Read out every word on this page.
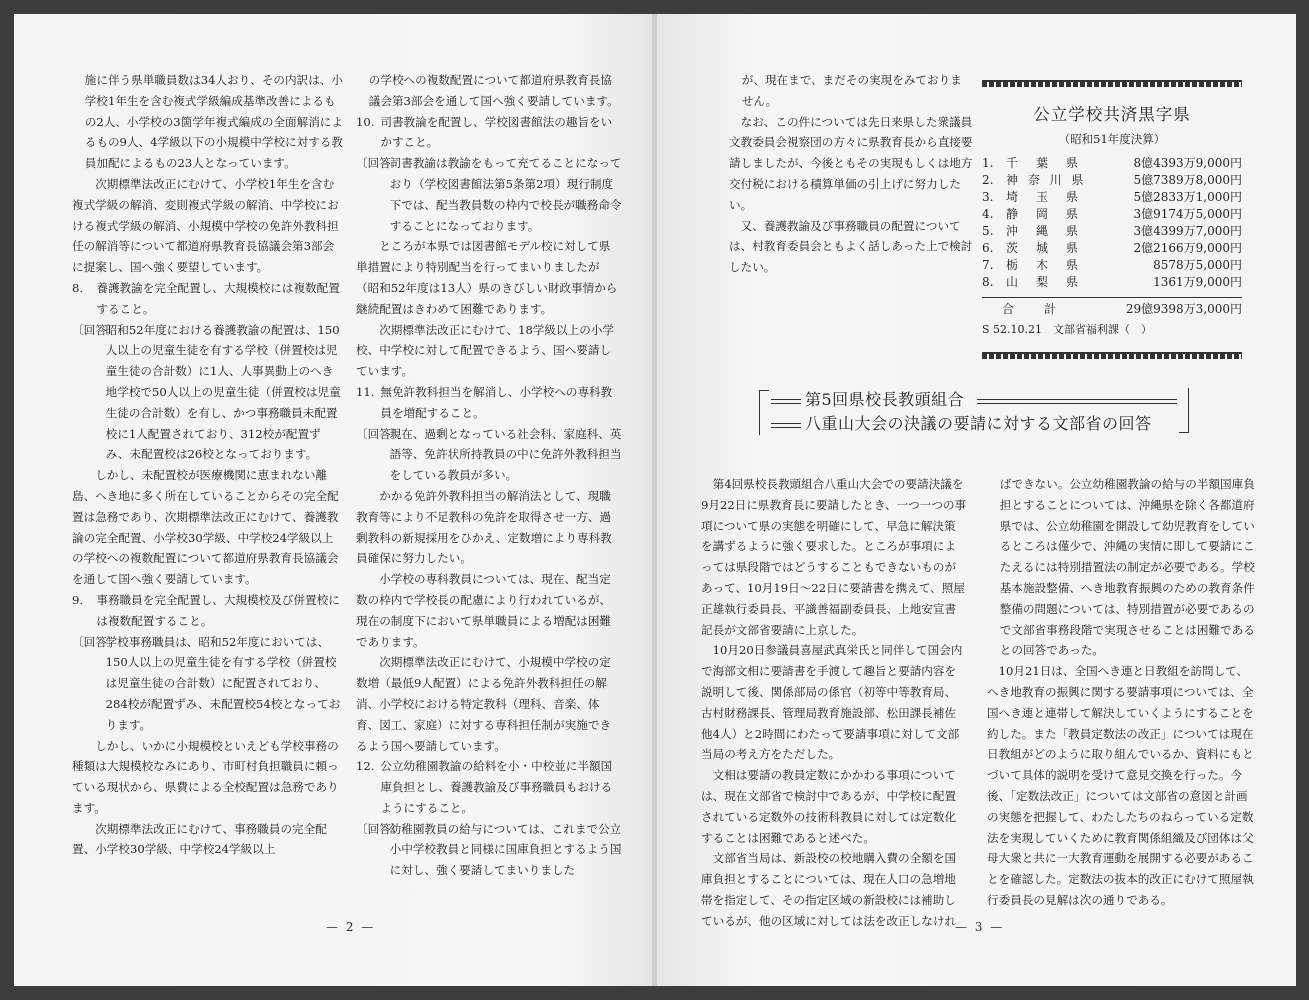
施に伴う県単職員数は34人おり、その内訳は、小学校1年生を含む複式学級編成基準改善によるもの2人、小学校の3箇学年複式編成の全面解消によるもの9人、4学級以下の小規模中学校に対する教員加配によるもの23人となっています。

次期標準法改正にむけて、小学校1年生を含む複式学級の解消、変則複式学級の解消、中学校における複式学級の解消、小規模中学校の免許外教科担任の解消等について都道府県教育長協議会第3部会に提案し、国へ強く要望しています。

8.	養護教諭を完全配置し、大規模校には複数配置すること。
〔回答〕
昭和52年度における養護教諭の配置は、150人以上の児童生徒を有する学校（併置校は児童生徒の合計数）に1人、人事異動上のへき地学校で50人以上の児童生徒（併置校は児童生徒の合計数）を有し、かつ事務職員未配置校に1人配置されており、312校が配置ずみ、未配置校は26校となっております。

しかし、未配置校が医療機関に恵まれない離島、へき地に多く所在していることからその完全配置は急務であり、次期標準法改正にむけて、養護教論の完全配置、小学校30学級、中学校24学級以上の学校への複数配置について都道府県教育長協議会を通して国へ強く要請しています。

9.	事務職員を完全配置し、大規模校及び併置校には複数配置すること。
〔回答〕
学校事務職員は、昭和52年度においては、150人以上の児童生徒を有する学校（併置校は児童生徒の合計数）に配置されており、284校が配置ずみ、未配置校54校となっております。

しかし、いかに小規模校といえども学校事務の種類は大規模校なみにあり、市町村負担職員に頼っている現状から、県費による全校配置は急務であります。

次期標準法改正にむけて、事務職員の完全配置、小学校30学級、中学校24学級以上

の学校への複数配置について都道府県教育長協議会第3部会を通して国へ強く要請しています。

10. 司書教論を配置し、学校図書館法の趣旨をいかすこと。
〔回答〕
司書教諭は教諭をもって充てることになっており（学校図書館法第5条第2項）現行制度下では、配当教員数の枠内で校長が職務命令することになっております。

ところが本県では図書館モデル校に対して県単措置により特別配当を行ってまいりましたが（昭和52年度は13人）県のきびしい財政事情から継続配置はきわめて困難であります。

次期標準法改正にむけて、18学級以上の小学校、中学校に対して配置できるよう、国へ要請しています。

11. 無免許教科担当を解消し、小学校への専科教員を増配すること。
〔回答〕
現在、過剰となっている社会科、家庭科、英語等、免許状所持教員の中に免許外教科担当をしている教員が多い。

かかる免許外教科担当の解消法として、現職教育等により不足教科の免許を取得させ一方、過剰教科の新規採用をひかえ、定数増により専科教員確保に努力したい。

小学校の専科教員については、現在、配当定数の枠内で学校長の配慮により行われているが、現在の制度下において県単職員による増配は困難であります。

次期標準法改正にむけて、小規模中学校の定数増（最低9人配置）による免許外教科担任の解消、小学校における特定教科（理科、音楽、体育、図工、家庭）に対する専科担任制が実施できるよう国へ要請しています。

12. 公立幼稚園教諭の給料を小・中校並に半額国庫負担とし、養護教諭及び事務職員もおけるようにすること。
〔回答〕
幼稚園教員の給与については、これまで公立小中学校教員と同様に国庫負担とするよう国に対し、強く要請してまいりました
— 2 —

が、現在まで、まだその実現をみておりません。

なお、この件については先日来県した衆議員文教委員会視察団の方々に県教育長から直接要請しましたが、今後ともその実現もしくは地方交付税における積算単価の引上げに努力したい。

又、養護教諭及び事務職員の配置については、村教育委員会ともよく話しあった上で検討したい。

公立学校共済黒字県
（昭和51年度決算）
1.	千　葉　県	8億4393万9,000円
2.	神 奈 川 県	5億7389万8,000円
3.	埼　玉　県	5億2833万1,000円
4.	静　岡　県	3億9174万5,000円
5.	沖　縄　県	3億4399万7,000円
6.	茨　城　県	2億2166万9,000円
7.	栃　木　県	8578万5,000円
8.	山　梨　県	1361万9,000円
合計	29億9398万3,000円
S 52.10.21　文部省福利課（　）
第5回県校長教頭組合
八重山大会の決議の要請に対する文部省の回答

第4回県校長教頭組合八重山大会での要請決議を9月22日に県教育長に要請したとき、一つ一つの事項について県の実態を明確にして、早急に解決策を講ずるように強く要求した。ところが事項によっては県段階ではどうすることもできないものがあって、10月19日〜22日に要請書を携えて、照屋正雄執行委員長、平識善福副委員長、上地安宣書記長が文部省要請に上京した。

10月20日参議員喜屋武真栄氏と同伴して国会内で海部文相に要請書を手渡して趣旨と要請内容を説明して後、関係部局の係官（初等中等教育局、古村財務課長、管理局教育施設部、松田課長補佐他4人）と2時間にわたって要請事項に対して文部当局の考え方をただした。

文相は要請の教員定数にかかわる事項については、現在文部省で検討中であるが、中学校に配置されている定数外の技術科教員に対しては定数化することは困難であると述べた。

文部省当局は、新設校の校地購入費の全額を国庫負担とすることについては、現在人口の急増地帯を指定して、その指定区域の新設校には補助しているが、他の区域に対しては法を改正しなけれ

ばできない。公立幼稚園教論の給与の半額国庫負担とすることについては、沖縄県を除く各都道府県では、公立幼稚園を開設して幼児教育をしているところは僅少で、沖縄の実情に即して要請にこたえるには特別措置法の制定が必要である。学校基本施設整備、へき地教育振興のための教育条件整備の問題については、特別措置が必要であるので文部省事務段階で実現させることは困難であるとの回答であった。

10月21日は、全国へき連と日教組を訪問して、へき地教育の振興に関する要請事項については、全国へき連と連帯して解決していくようにすることを約した。また「教員定数法の改正」については現在日教組がどのように取り組んでいるか、資料にもとづいて具体的説明を受けて意見交換を行った。今後、「定数法改正」については文部省の意図と計画の実態を把握して、わたしたちのねらっている定数法を実現していくために教育関係組織及び団体は父母大衆と共に一大教育運動を展開する必要があることを確認した。定数法の抜本的改正にむけて照屋執行委員長の見解は次の通りである。

— 3 —
